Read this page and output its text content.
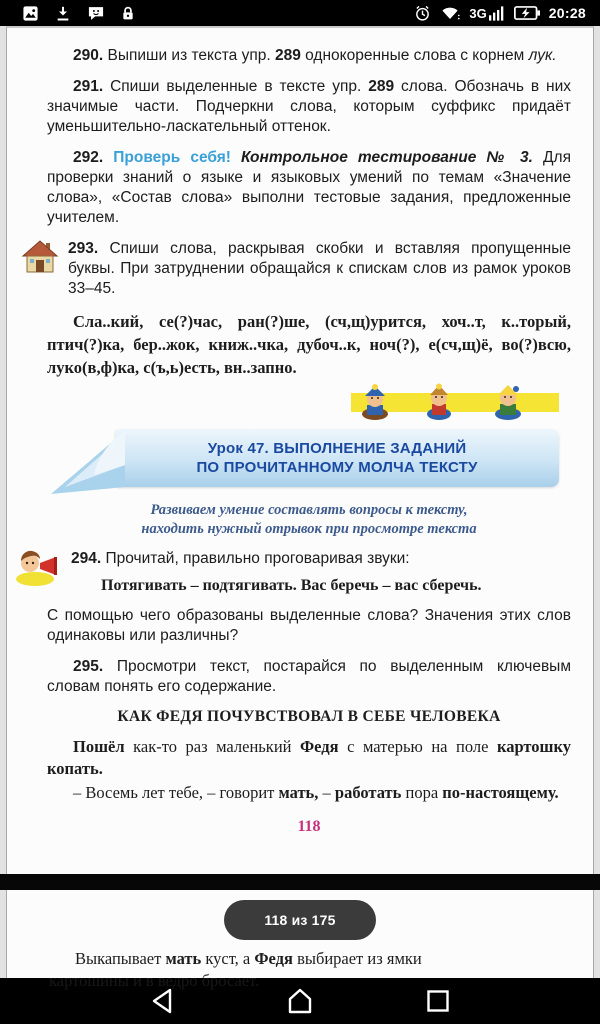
3G	20:28

290. Выпиши из текста упр. 289 однокоренные слова с корнем лук.

291. Спиши выделенные в тексте упр. 289 слова. Обозначь в них значимые части. Подчеркни слова, которым суффикс придаёт уменьшительно-ласкательный оттенок.

292. Проверь себя! Контрольное тестирование № 3. Для проверки знаний о языке и языковых умений по темам «Значение слова», «Состав слова» выполни тестовые задания, предложенные учителем.

293. Спиши слова, раскрывая скобки и вставляя пропущенные буквы. При затруднении обращайся к спискам слов из рамок уроков 33–45.

Сла..кий, се(?)час, ран(?)ше, (сч,щ)урится, хоч..т, к..торый, птич(?)ка, бер..жок, книж..чка, дубоч..к, ноч(?), е(сч,щ)ё, во(?)всю, луко(в,ф)ка, с(ъ,ь)есть, вн..запно.

Урок 47. ВЫПОЛНЕНИЕ ЗАДАНИЙ
ПО ПРОЧИТАННОМУ МОЛЧА ТЕКСТУ
Развиваем умение составлять вопросы к тексту,
находить нужный отрывок при просмотре текста
294. Прочитай, правильно проговаривая звуки:

Потягивать – подтягивать. Вас беречь – вас сберечь.

С помощью чего образованы выделенные слова? Значения этих слов одинаковы или различны?

295. Просмотри текст, постарайся по выделенным ключевым словам понять его содержание.

КАК ФЕДЯ ПОЧУВСТВОВАЛ В СЕБЕ ЧЕЛОВЕКА

Пошёл как-то раз маленький Федя с матерью на поле картошку копать.

– Восемь лет тебе, – говорит мать, – работать пора по-настоящему.

118
118 из 175

Выкапывает мать куст, а Федя выбирает из ямки

картошины и в ведро бросает.
